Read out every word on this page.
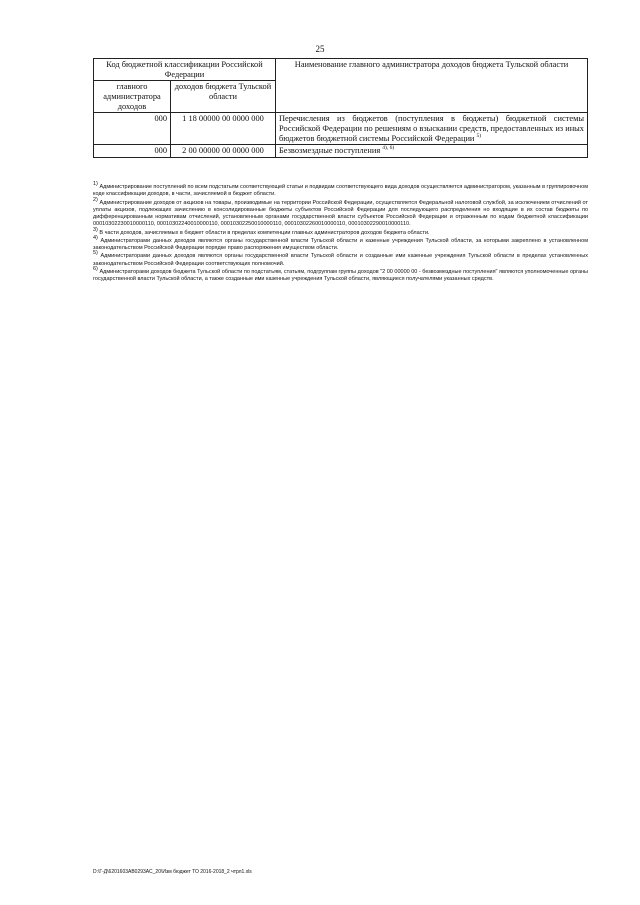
25
Код бюджетной классификации Российской Федерации		Наименование главного администратора доходов бюджета Тульской области
главного администратора доходов	доходов бюджета Тульской области	
000	1 18 00000 00 0000 000	Перечисления из бюджетов (поступления в бюджеты) бюджетной системы Российской Федерации по решениям о взыскании средств, предоставленных из иных бюджетов бюджетной системы Российской Федерации $^{5)}$
000	2 00 00000 00 0000 000	Безвозмездные поступления $^{4), 6)}$

$^{1)}$ Администрирование поступлений по всем подстатьям соответствующей статьи и подвидам соответствующего вида доходов осуществляется администратором, указанным в группировочном коде классификации доходов, в части, зачисляемой в бюджет области.

$^{2)}$ Администрирование доходов от акцизов на товары, производимые на территории Российской Федерации, осуществляется Федеральной налоговой службой, за исключением отчислений от уплаты акцизов, подлежащих зачислению в консолидированные бюджеты субъектов Российской Федерации для последующего распределения но входящие в их состав бюджеты по дифференцированным нормативам отчислений, установленным органами государственной власти субъектов Российской Федерации и отраженным по кодам бюджетной классификации 00010302230010000110, 00010302240010000110, 00010302250010000110, 00010302260010000110, 00010302290010000110.

$^{3)}$ В части доходов, зачисляемых в бюджет области в пределах компетенции главных администраторов доходов бюджета области.

$^{4)}$ Администраторами данных доходов являются органы государственной власти Тульской области и казенные учреждения Тульской области, за которыми закреплено в установленном законодательством Российской Федерации порядке право распоряжения имуществом области.

$^{5)}$ Администраторами данных доходов являются органы государственной власти Тульской области и созданные ими казенные учреждения Тульской области в пределах установленных законодательством Российской Федерации соответствующих полномочий.

$^{6)}$ Администраторами доходов бюджета Тульской области по подстатьям, статьям, подгруппам группы доходов "2 00 00000 00 - безвозмездные поступления" являются уполномоченные органы государственной власти Тульской области, а также созданные ими казенные учреждения Тульской области, являющиеся получателями указанных средств.

D:\Г-Д\6201603АВ0293АС_20\Изм бюджет ТО 2016-2018_2 чтрл1.xls
